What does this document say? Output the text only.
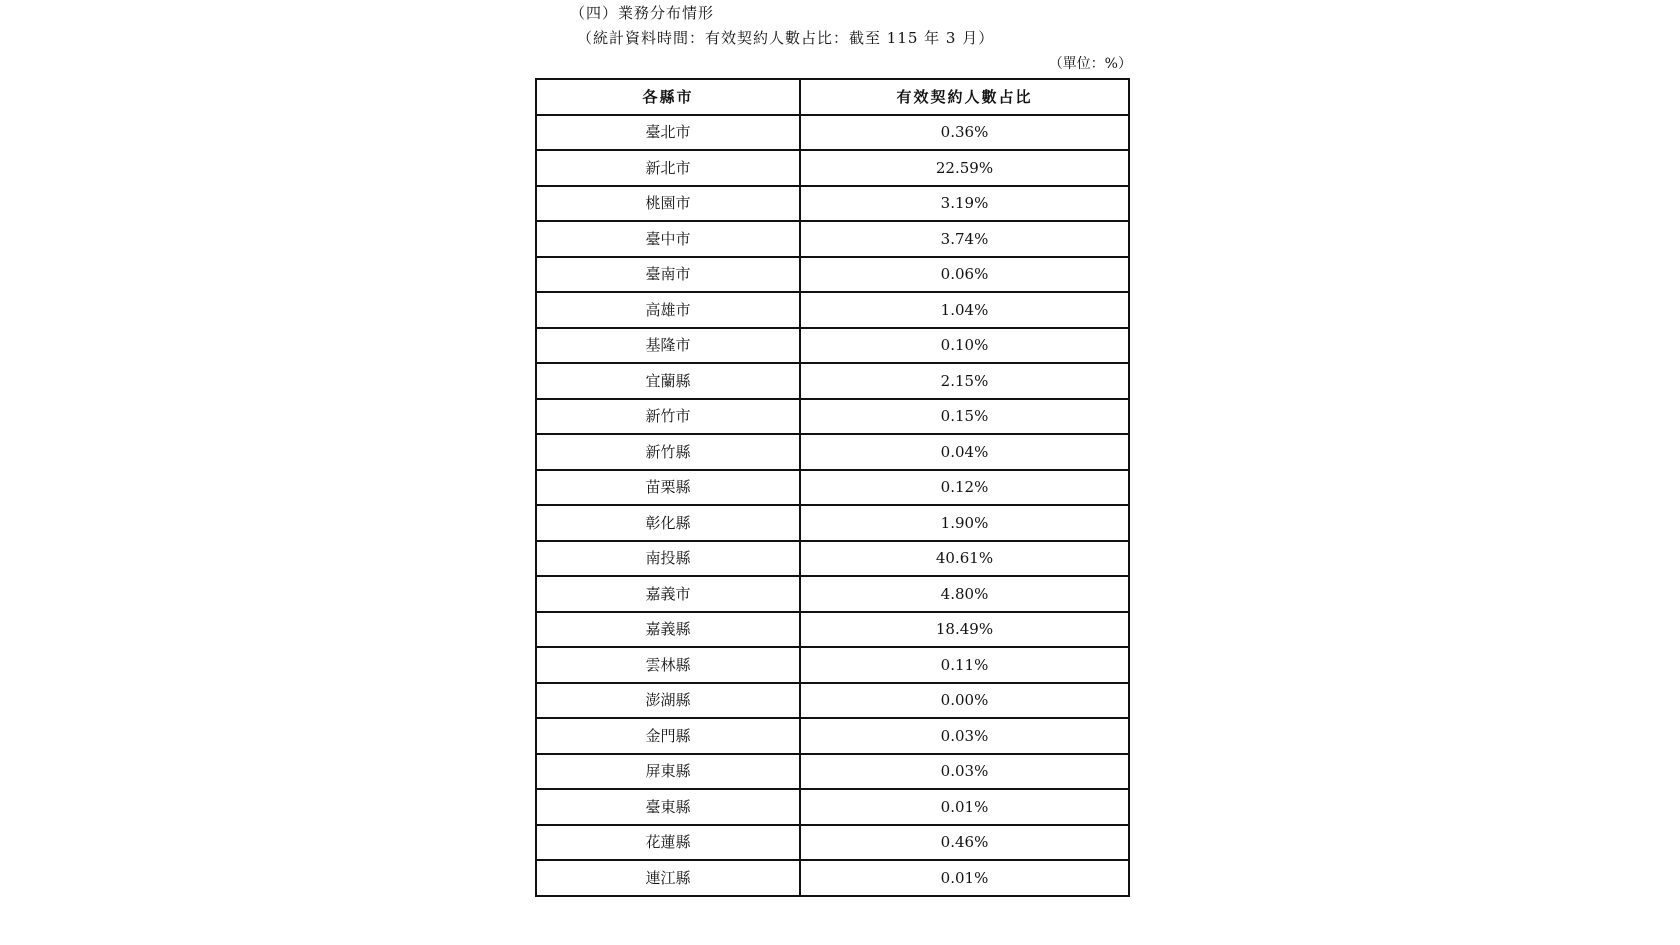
（四）業務分布情形
（統計資料時間：有效契約人數占比：截至 115 年 3 月）
（單位：%）
各縣市	有效契約人數占比
臺北市	0.36%
新北市	22.59%
桃園市	3.19%
臺中市	3.74%
臺南市	0.06%
高雄市	1.04%
基隆市	0.10%
宜蘭縣	2.15%
新竹市	0.15%
新竹縣	0.04%
苗栗縣	0.12%
彰化縣	1.90%
南投縣	40.61%
嘉義市	4.80%
嘉義縣	18.49%
雲林縣	0.11%
澎湖縣	0.00%
金門縣	0.03%
屏東縣	0.03%
臺東縣	0.01%
花蓮縣	0.46%
連江縣	0.01%
